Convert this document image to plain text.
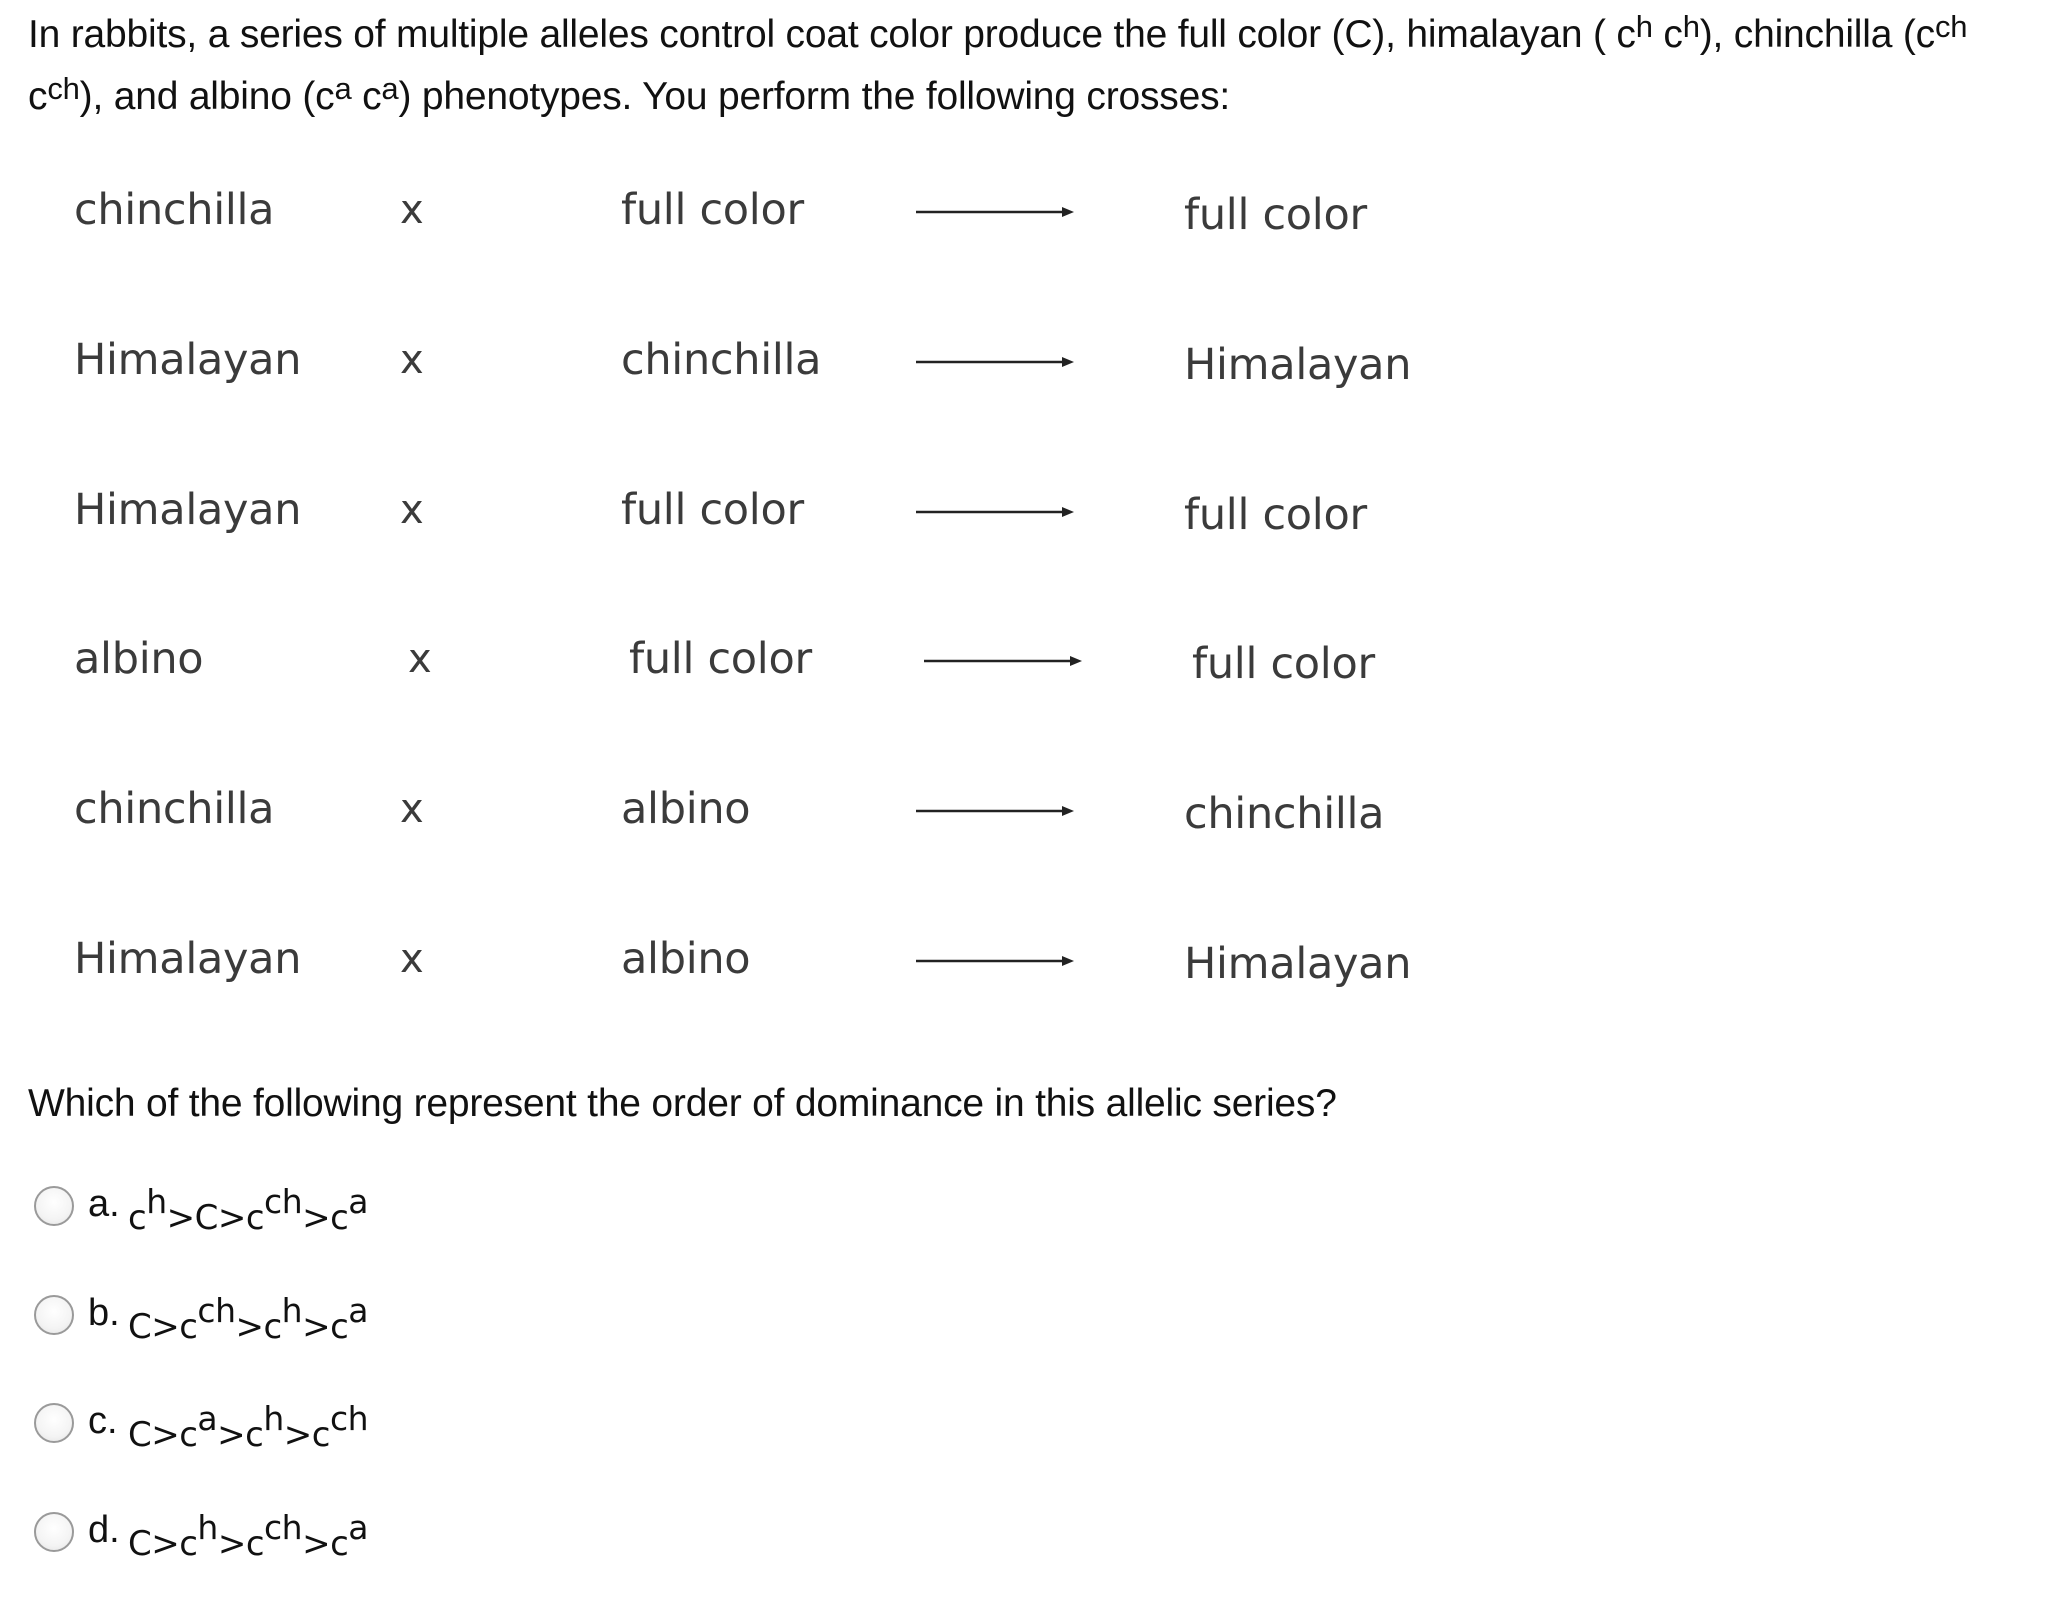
In rabbits, a series of multiple alleles control coat color produce the full color (C), himalayan ( $c^h$ $c^h$), chinchilla ($c^{ch}$ $c^{ch}$), and albino ($c^a$ $c^a$) phenotypes. You perform the following crosses:
chinchilla	x	full color	full color
Himalayan x	chinchilla	Himalayan
Himalayan x	full color	full color
albino	x	full color	full color
chinchilla	x	albino	chinchilla
Himalayan x	albino	Himalayan
Which of the following represent the order of dominance in this allelic series?
a. $c^h>C>c^{ch}>c^a$
b. $C>c^{ch}>c^h>c^a$
c. $C>c^a>c^h>c^{ch}$
d. $C>c^h>c^{ch}>c^a$
